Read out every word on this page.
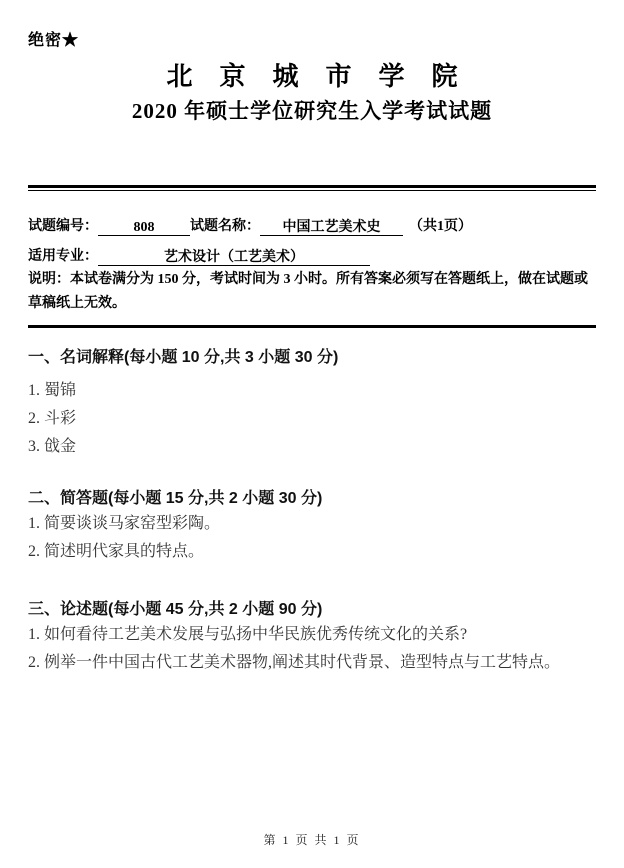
绝密★
北京城市学院
2020 年硕士学位研究生入学考试试题
试题编号：	808	试题名称： 中国工艺美术史 （共1页）
适用专业：	艺术设计（工艺美术）
说明：本试卷满分为 150 分，考试时间为 3 小时。所有答案必须写在答题纸上，做在试题或
草稿纸上无效。
一、名词解释(每小题 10 分,共 3 小题 30 分)
1. 蜀锦
2. 斗彩
3. 戗金
二、简答题(每小题 15 分,共 2 小题 30 分)
1. 简要谈谈马家窑型彩陶。
2. 简述明代家具的特点。
三、论述题(每小题 45 分,共 2 小题 90 分)
1. 如何看待工艺美术发展与弘扬中华民族优秀传统文化的关系?
2. 例举一件中国古代工艺美术器物,阐述其时代背景、造型特点与工艺特点。
第 1 页 共 1 页
